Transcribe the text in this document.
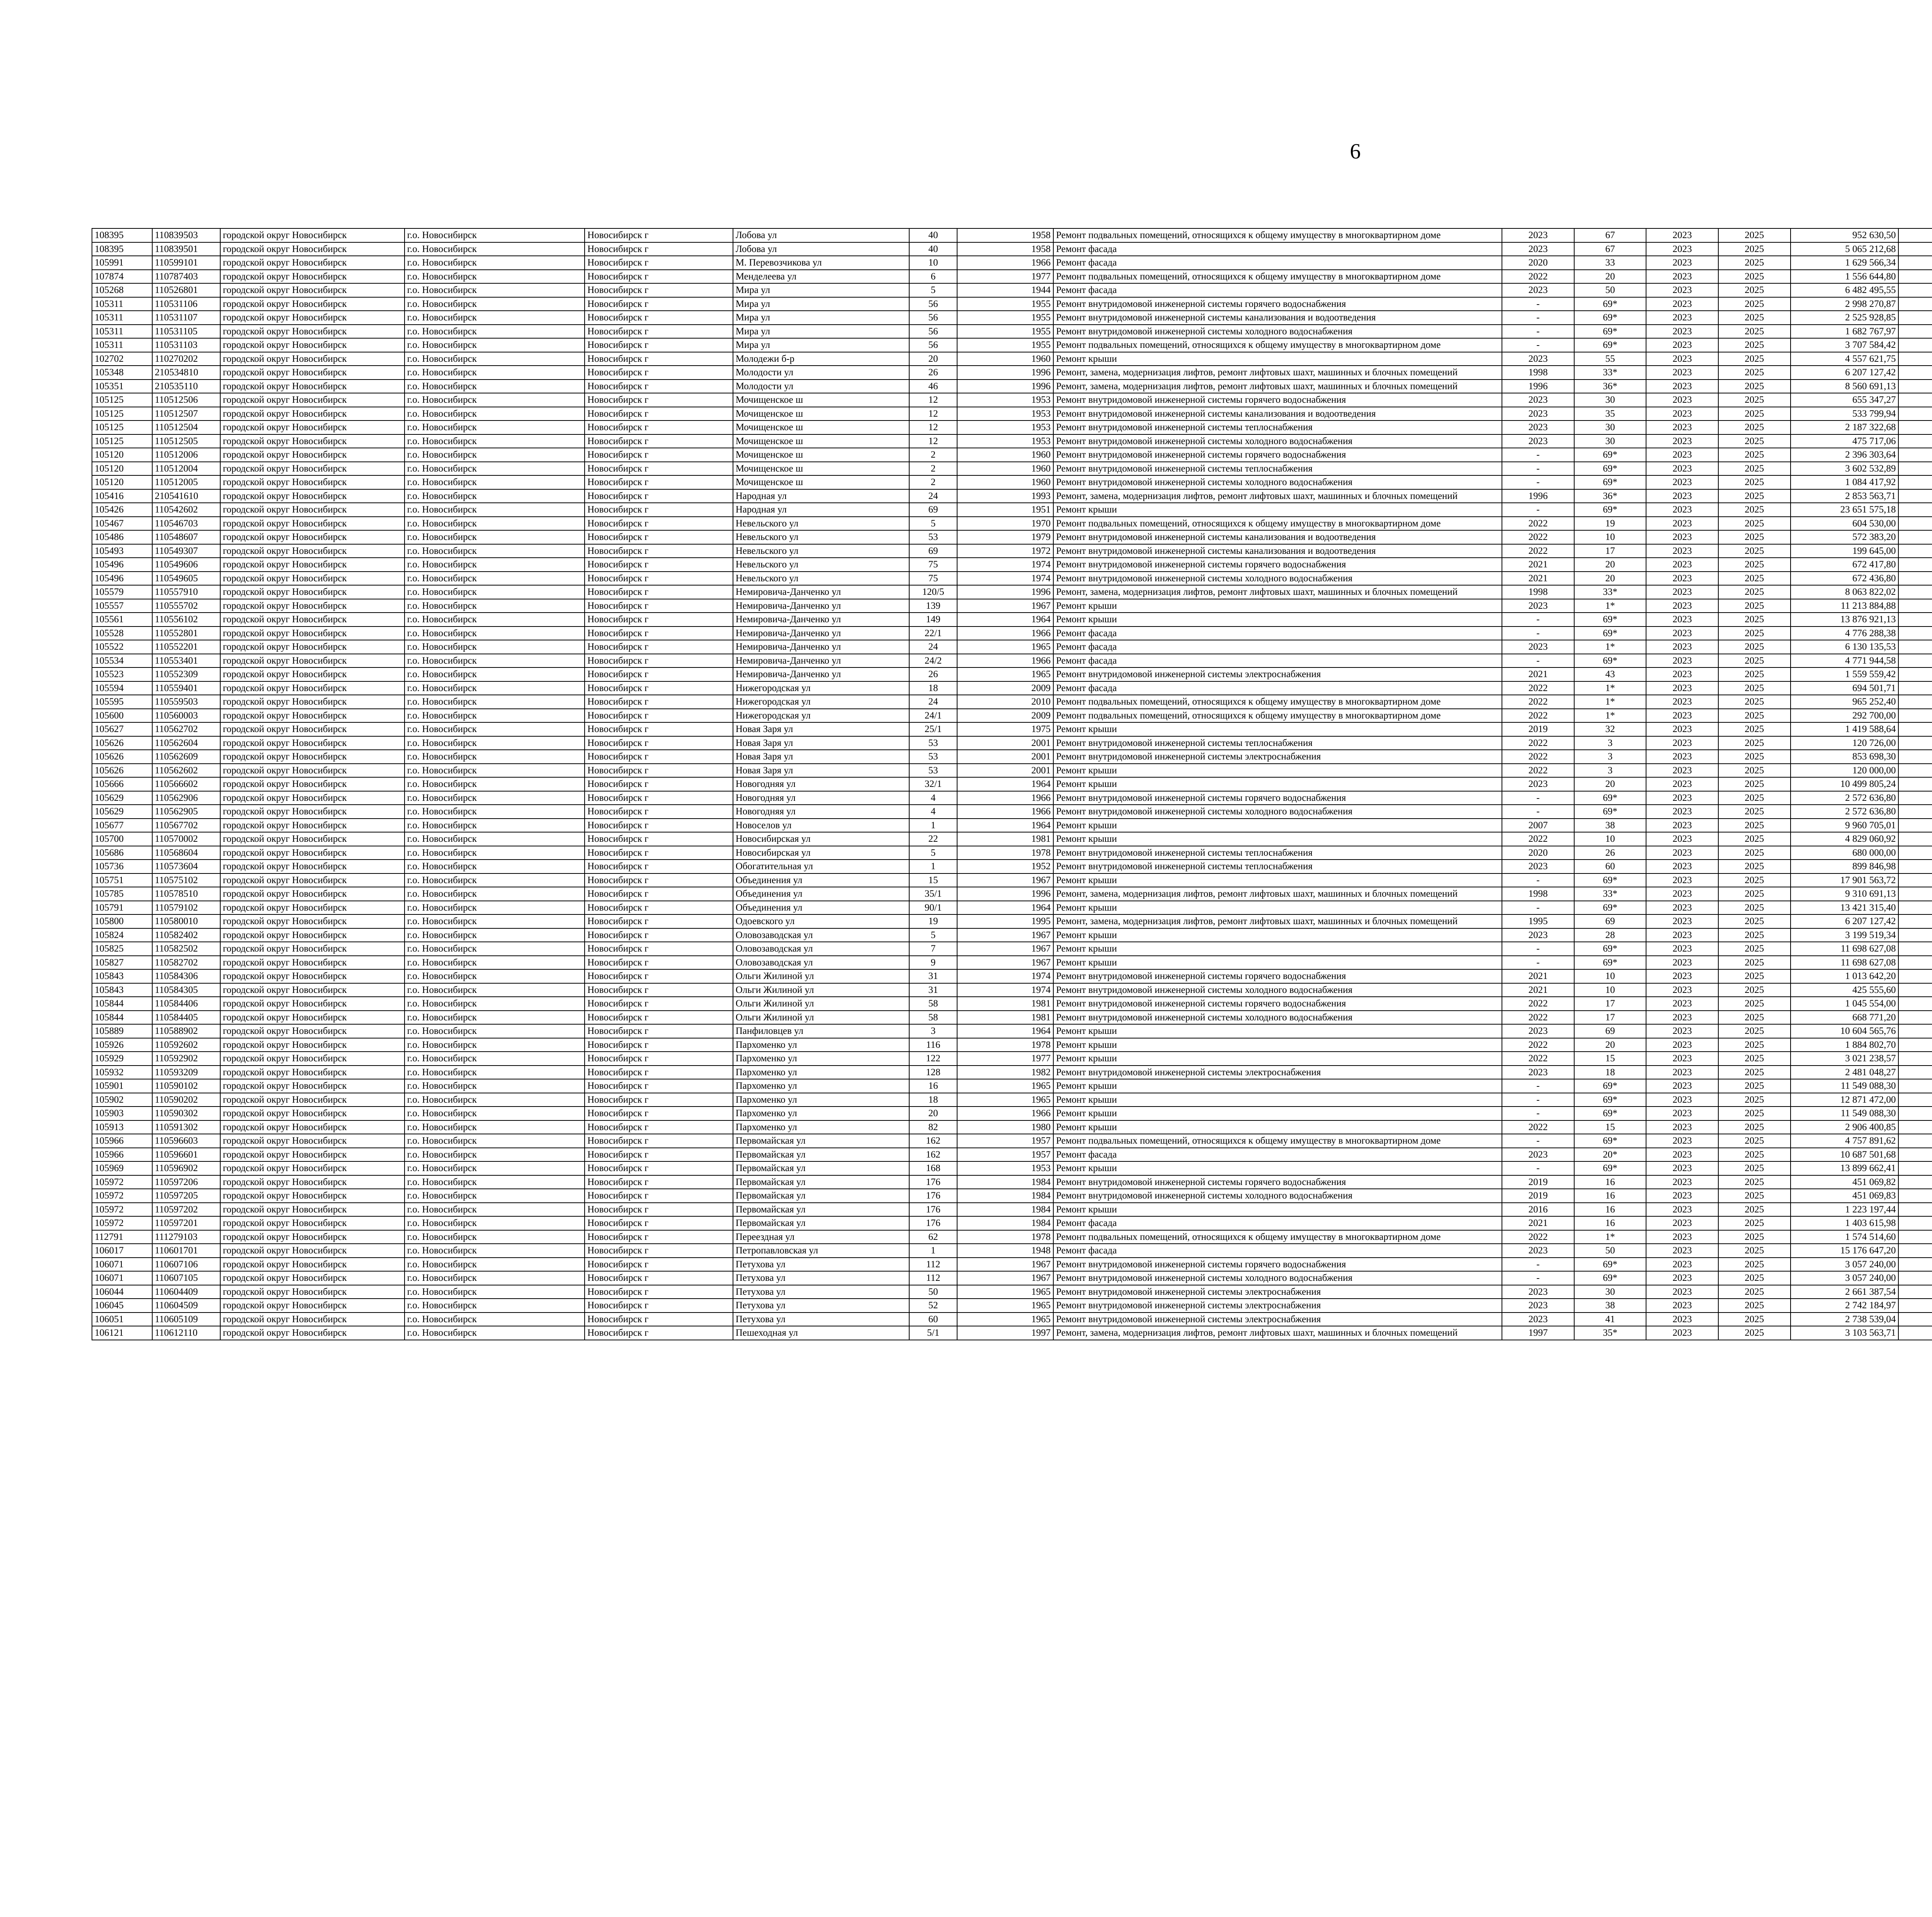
6
108395	110839503	городской округ Новосибирск	г.о. Новосибирск	Новосибирск г	Лобова ул	40	1958	Ремонт подвальных помещений, относящихся к общему имуществу в многоквартирном доме	2023	67	2023	2025	952 630,50						
108395	110839501	городской округ Новосибирск	г.о. Новосибирск	Новосибирск г	Лобова ул	40	1958	Ремонт фасада	2023	67	2023	2025	5 065 212,68						
105991	110599101	городской округ Новосибирск	г.о. Новосибирск	Новосибирск г	М. Перевозчикова ул	10	1966	Ремонт фасада	2020	33	2023	2025	1 629 566,34						
107874	110787403	городской округ Новосибирск	г.о. Новосибирск	Новосибирск г	Менделеева ул	6	1977	Ремонт подвальных помещений, относящихся к общему имуществу в многоквартирном доме	2022	20	2023	2025	1 556 644,80						
105268	110526801	городской округ Новосибирск	г.о. Новосибирск	Новосибирск г	Мира ул	5	1944	Ремонт фасада	2023	50	2023	2025	6 482 495,55						
105311	110531106	городской округ Новосибирск	г.о. Новосибирск	Новосибирск г	Мира ул	56	1955	Ремонт внутридомовой инженерной системы горячего водоснабжения	-	69*	2023	2025	2 998 270,87						
105311	110531107	городской округ Новосибирск	г.о. Новосибирск	Новосибирск г	Мира ул	56	1955	Ремонт внутридомовой инженерной системы канализования и водоотведения	-	69*	2023	2025	2 525 928,85						
105311	110531105	городской округ Новосибирск	г.о. Новосибирск	Новосибирск г	Мира ул	56	1955	Ремонт внутридомовой инженерной системы холодного водоснабжения	-	69*	2023	2025	1 682 767,97						
105311	110531103	городской округ Новосибирск	г.о. Новосибирск	Новосибирск г	Мира ул	56	1955	Ремонт подвальных помещений, относящихся к общему имуществу в многоквартирном доме	-	69*	2023	2025	3 707 584,42						
102702	110270202	городской округ Новосибирск	г.о. Новосибирск	Новосибирск г	Молодежи б-р	20	1960	Ремонт крыши	2023	55	2023	2025	4 557 621,75						
105348	210534810	городской округ Новосибирск	г.о. Новосибирск	Новосибирск г	Молодости ул	26	1996	Ремонт, замена, модернизация лифтов, ремонт лифтовых шахт, машинных и блочных помещений	1998	33*	2023	2025	6 207 127,42						
105351	210535110	городской округ Новосибирск	г.о. Новосибирск	Новосибирск г	Молодости ул	46	1996	Ремонт, замена, модернизация лифтов, ремонт лифтовых шахт, машинных и блочных помещений	1996	36*	2023	2025	8 560 691,13						
105125	110512506	городской округ Новосибирск	г.о. Новосибирск	Новосибирск г	Мочищенское ш	12	1953	Ремонт внутридомовой инженерной системы горячего водоснабжения	2023	30	2023	2025	655 347,27						
105125	110512507	городской округ Новосибирск	г.о. Новосибирск	Новосибирск г	Мочищенское ш	12	1953	Ремонт внутридомовой инженерной системы канализования и водоотведения	2023	35	2023	2025	533 799,94						
105125	110512504	городской округ Новосибирск	г.о. Новосибирск	Новосибирск г	Мочищенское ш	12	1953	Ремонт внутридомовой инженерной системы теплоснабжения	2023	30	2023	2025	2 187 322,68						
105125	110512505	городской округ Новосибирск	г.о. Новосибирск	Новосибирск г	Мочищенское ш	12	1953	Ремонт внутридомовой инженерной системы холодного водоснабжения	2023	30	2023	2025	475 717,06						
105120	110512006	городской округ Новосибирск	г.о. Новосибирск	Новосибирск г	Мочищенское ш	2	1960	Ремонт внутридомовой инженерной системы горячего водоснабжения	-	69*	2023	2025	2 396 303,64						
105120	110512004	городской округ Новосибирск	г.о. Новосибирск	Новосибирск г	Мочищенское ш	2	1960	Ремонт внутридомовой инженерной системы теплоснабжения	-	69*	2023	2025	3 602 532,89						
105120	110512005	городской округ Новосибирск	г.о. Новосибирск	Новосибирск г	Мочищенское ш	2	1960	Ремонт внутридомовой инженерной системы холодного водоснабжения	-	69*	2023	2025	1 084 417,92						
105416	210541610	городской округ Новосибирск	г.о. Новосибирск	Новосибирск г	Народная ул	24	1993	Ремонт, замена, модернизация лифтов, ремонт лифтовых шахт, машинных и блочных помещений	1996	36*	2023	2025	2 853 563,71						
105426	110542602	городской округ Новосибирск	г.о. Новосибирск	Новосибирск г	Народная ул	69	1951	Ремонт крыши	-	69*	2023	2025	23 651 575,18						
105467	110546703	городской округ Новосибирск	г.о. Новосибирск	Новосибирск г	Невельского ул	5	1970	Ремонт подвальных помещений, относящихся к общему имуществу в многоквартирном доме	2022	19	2023	2025	604 530,00						
105486	110548607	городской округ Новосибирск	г.о. Новосибирск	Новосибирск г	Невельского ул	53	1979	Ремонт внутридомовой инженерной системы канализования и водоотведения	2022	10	2023	2025	572 383,20						
105493	110549307	городской округ Новосибирск	г.о. Новосибирск	Новосибирск г	Невельского ул	69	1972	Ремонт внутридомовой инженерной системы канализования и водоотведения	2022	17	2023	2025	199 645,00						
105496	110549606	городской округ Новосибирск	г.о. Новосибирск	Новосибирск г	Невельского ул	75	1974	Ремонт внутридомовой инженерной системы горячего водоснабжения	2021	20	2023	2025	672 417,80						
105496	110549605	городской округ Новосибирск	г.о. Новосибирск	Новосибирск г	Невельского ул	75	1974	Ремонт внутридомовой инженерной системы холодного водоснабжения	2021	20	2023	2025	672 436,80						
105579	110557910	городской округ Новосибирск	г.о. Новосибирск	Новосибирск г	Немировича-Данченко ул	120/5	1996	Ремонт, замена, модернизация лифтов, ремонт лифтовых шахт, машинных и блочных помещений	1998	33*	2023	2025	8 063 822,02						
105557	110555702	городской округ Новосибирск	г.о. Новосибирск	Новосибирск г	Немировича-Данченко ул	139	1967	Ремонт крыши	2023	1*	2023	2025	11 213 884,88						
105561	110556102	городской округ Новосибирск	г.о. Новосибирск	Новосибирск г	Немировича-Данченко ул	149	1964	Ремонт крыши	-	69*	2023	2025	13 876 921,13						
105528	110552801	городской округ Новосибирск	г.о. Новосибирск	Новосибирск г	Немировича-Данченко ул	22/1	1966	Ремонт фасада	-	69*	2023	2025	4 776 288,38						
105522	110552201	городской округ Новосибирск	г.о. Новосибирск	Новосибирск г	Немировича-Данченко ул	24	1965	Ремонт фасада	2023	1*	2023	2025	6 130 135,53						
105534	110553401	городской округ Новосибирск	г.о. Новосибирск	Новосибирск г	Немировича-Данченко ул	24/2	1966	Ремонт фасада	-	69*	2023	2025	4 771 944,58						
105523	110552309	городской округ Новосибирск	г.о. Новосибирск	Новосибирск г	Немировича-Данченко ул	26	1965	Ремонт внутридомовой инженерной системы электроснабжения	2021	43	2023	2025	1 559 559,42						
105594	110559401	городской округ Новосибирск	г.о. Новосибирск	Новосибирск г	Нижегородская ул	18	2009	Ремонт фасада	2022	1*	2023	2025	694 501,71						
105595	110559503	городской округ Новосибирск	г.о. Новосибирск	Новосибирск г	Нижегородская ул	24	2010	Ремонт подвальных помещений, относящихся к общему имуществу в многоквартирном доме	2022	1*	2023	2025	965 252,40						
105600	110560003	городской округ Новосибирск	г.о. Новосибирск	Новосибирск г	Нижегородская ул	24/1	2009	Ремонт подвальных помещений, относящихся к общему имуществу в многоквартирном доме	2022	1*	2023	2025	292 700,00						
105627	110562702	городской округ Новосибирск	г.о. Новосибирск	Новосибирск г	Новая Заря ул	25/1	1975	Ремонт крыши	2019	32	2023	2025	1 419 588,64						
105626	110562604	городской округ Новосибирск	г.о. Новосибирск	Новосибирск г	Новая Заря ул	53	2001	Ремонт внутридомовой инженерной системы теплоснабжения	2022	3	2023	2025	120 726,00						
105626	110562609	городской округ Новосибирск	г.о. Новосибирск	Новосибирск г	Новая Заря ул	53	2001	Ремонт внутридомовой инженерной системы электроснабжения	2022	3	2023	2025	853 698,30						
105626	110562602	городской округ Новосибирск	г.о. Новосибирск	Новосибирск г	Новая Заря ул	53	2001	Ремонт крыши	2022	3	2023	2025	120 000,00						
105666	110566602	городской округ Новосибирск	г.о. Новосибирск	Новосибирск г	Новогодняя ул	32/1	1964	Ремонт крыши	2023	20	2023	2025	10 499 805,24						
105629	110562906	городской округ Новосибирск	г.о. Новосибирск	Новосибирск г	Новогодняя ул	4	1966	Ремонт внутридомовой инженерной системы горячего водоснабжения	-	69*	2023	2025	2 572 636,80						
105629	110562905	городской округ Новосибирск	г.о. Новосибирск	Новосибирск г	Новогодняя ул	4	1966	Ремонт внутридомовой инженерной системы холодного водоснабжения	-	69*	2023	2025	2 572 636,80						
105677	110567702	городской округ Новосибирск	г.о. Новосибирск	Новосибирск г	Новоселов ул	1	1964	Ремонт крыши	2007	38	2023	2025	9 960 705,01						
105700	110570002	городской округ Новосибирск	г.о. Новосибирск	Новосибирск г	Новосибирская ул	22	1981	Ремонт крыши	2022	10	2023	2025	4 829 060,92						
105686	110568604	городской округ Новосибирск	г.о. Новосибирск	Новосибирск г	Новосибирская ул	5	1978	Ремонт внутридомовой инженерной системы теплоснабжения	2020	26	2023	2025	680 000,00						
105736	110573604	городской округ Новосибирск	г.о. Новосибирск	Новосибирск г	Обогатительная ул	1	1952	Ремонт внутридомовой инженерной системы теплоснабжения	2023	60	2023	2025	899 846,98						
105751	110575102	городской округ Новосибирск	г.о. Новосибирск	Новосибирск г	Объединения ул	15	1967	Ремонт крыши	-	69*	2023	2025	17 901 563,72						
105785	110578510	городской округ Новосибирск	г.о. Новосибирск	Новосибирск г	Объединения ул	35/1	1996	Ремонт, замена, модернизация лифтов, ремонт лифтовых шахт, машинных и блочных помещений	1998	33*	2023	2025	9 310 691,13						
105791	110579102	городской округ Новосибирск	г.о. Новосибирск	Новосибирск г	Объединения ул	90/1	1964	Ремонт крыши	-	69*	2023	2025	13 421 315,40						
105800	110580010	городской округ Новосибирск	г.о. Новосибирск	Новосибирск г	Одоевского ул	19	1995	Ремонт, замена, модернизация лифтов, ремонт лифтовых шахт, машинных и блочных помещений	1995	69	2023	2025	6 207 127,42						
105824	110582402	городской округ Новосибирск	г.о. Новосибирск	Новосибирск г	Оловозаводская ул	5	1967	Ремонт крыши	2023	28	2023	2025	3 199 519,34						
105825	110582502	городской округ Новосибирск	г.о. Новосибирск	Новосибирск г	Оловозаводская ул	7	1967	Ремонт крыши	-	69*	2023	2025	11 698 627,08						
105827	110582702	городской округ Новосибирск	г.о. Новосибирск	Новосибирск г	Оловозаводская ул	9	1967	Ремонт крыши	-	69*	2023	2025	11 698 627,08						
105843	110584306	городской округ Новосибирск	г.о. Новосибирск	Новосибирск г	Ольги Жилиной ул	31	1974	Ремонт внутридомовой инженерной системы горячего водоснабжения	2021	10	2023	2025	1 013 642,20						
105843	110584305	городской округ Новосибирск	г.о. Новосибирск	Новосибирск г	Ольги Жилиной ул	31	1974	Ремонт внутридомовой инженерной системы холодного водоснабжения	2021	10	2023	2025	425 555,60						
105844	110584406	городской округ Новосибирск	г.о. Новосибирск	Новосибирск г	Ольги Жилиной ул	58	1981	Ремонт внутридомовой инженерной системы горячего водоснабжения	2022	17	2023	2025	1 045 554,00						
105844	110584405	городской округ Новосибирск	г.о. Новосибирск	Новосибирск г	Ольги Жилиной ул	58	1981	Ремонт внутридомовой инженерной системы холодного водоснабжения	2022	17	2023	2025	668 771,20						
105889	110588902	городской округ Новосибирск	г.о. Новосибирск	Новосибирск г	Панфиловцев ул	3	1964	Ремонт крыши	2023	69	2023	2025	10 604 565,76						
105926	110592602	городской округ Новосибирск	г.о. Новосибирск	Новосибирск г	Пархоменко ул	116	1978	Ремонт крыши	2022	20	2023	2025	1 884 802,70						
105929	110592902	городской округ Новосибирск	г.о. Новосибирск	Новосибирск г	Пархоменко ул	122	1977	Ремонт крыши	2022	15	2023	2025	3 021 238,57						
105932	110593209	городской округ Новосибирск	г.о. Новосибирск	Новосибирск г	Пархоменко ул	128	1982	Ремонт внутридомовой инженерной системы электроснабжения	2023	18	2023	2025	2 481 048,27						
105901	110590102	городской округ Новосибирск	г.о. Новосибирск	Новосибирск г	Пархоменко ул	16	1965	Ремонт крыши	-	69*	2023	2025	11 549 088,30						
105902	110590202	городской округ Новосибирск	г.о. Новосибирск	Новосибирск г	Пархоменко ул	18	1965	Ремонт крыши	-	69*	2023	2025	12 871 472,00						
105903	110590302	городской округ Новосибирск	г.о. Новосибирск	Новосибирск г	Пархоменко ул	20	1966	Ремонт крыши	-	69*	2023	2025	11 549 088,30						
105913	110591302	городской округ Новосибирск	г.о. Новосибирск	Новосибирск г	Пархоменко ул	82	1980	Ремонт крыши	2022	15	2023	2025	2 906 400,85						
105966	110596603	городской округ Новосибирск	г.о. Новосибирск	Новосибирск г	Первомайская ул	162	1957	Ремонт подвальных помещений, относящихся к общему имуществу в многоквартирном доме	-	69*	2023	2025	4 757 891,62						
105966	110596601	городской округ Новосибирск	г.о. Новосибирск	Новосибирск г	Первомайская ул	162	1957	Ремонт фасада	2023	20*	2023	2025	10 687 501,68						
105969	110596902	городской округ Новосибирск	г.о. Новосибирск	Новосибирск г	Первомайская ул	168	1953	Ремонт крыши	-	69*	2023	2025	13 899 662,41						
105972	110597206	городской округ Новосибирск	г.о. Новосибирск	Новосибирск г	Первомайская ул	176	1984	Ремонт внутридомовой инженерной системы горячего водоснабжения	2019	16	2023	2025	451 069,82						
105972	110597205	городской округ Новосибирск	г.о. Новосибирск	Новосибирск г	Первомайская ул	176	1984	Ремонт внутридомовой инженерной системы холодного водоснабжения	2019	16	2023	2025	451 069,83						
105972	110597202	городской округ Новосибирск	г.о. Новосибирск	Новосибирск г	Первомайская ул	176	1984	Ремонт крыши	2016	16	2023	2025	1 223 197,44						
105972	110597201	городской округ Новосибирск	г.о. Новосибирск	Новосибирск г	Первомайская ул	176	1984	Ремонт фасада	2021	16	2023	2025	1 403 615,98						
112791	111279103	городской округ Новосибирск	г.о. Новосибирск	Новосибирск г	Переездная ул	62	1978	Ремонт подвальных помещений, относящихся к общему имуществу в многоквартирном доме	2022	1*	2023	2025	1 574 514,60						
106017	110601701	городской округ Новосибирск	г.о. Новосибирск	Новосибирск г	Петропавловская ул	1	1948	Ремонт фасада	2023	50	2023	2025	15 176 647,20						
106071	110607106	городской округ Новосибирск	г.о. Новосибирск	Новосибирск г	Петухова ул	112	1967	Ремонт внутридомовой инженерной системы горячего водоснабжения	-	69*	2023	2025	3 057 240,00						
106071	110607105	городской округ Новосибирск	г.о. Новосибирск	Новосибирск г	Петухова ул	112	1967	Ремонт внутридомовой инженерной системы холодного водоснабжения	-	69*	2023	2025	3 057 240,00						
106044	110604409	городской округ Новосибирск	г.о. Новосибирск	Новосибирск г	Петухова ул	50	1965	Ремонт внутридомовой инженерной системы электроснабжения	2023	30	2023	2025	2 661 387,54						
106045	110604509	городской округ Новосибирск	г.о. Новосибирск	Новосибирск г	Петухова ул	52	1965	Ремонт внутридомовой инженерной системы электроснабжения	2023	38	2023	2025	2 742 184,97						
106051	110605109	городской округ Новосибирск	г.о. Новосибирск	Новосибирск г	Петухова ул	60	1965	Ремонт внутридомовой инженерной системы электроснабжения	2023	41	2023	2025	2 738 539,04						
106121	110612110	городской округ Новосибирск	г.о. Новосибирск	Новосибирск г	Пешеходная ул	5/1	1997	Ремонт, замена, модернизация лифтов, ремонт лифтовых шахт, машинных и блочных помещений	1997	35*	2023	2025	3 103 563,71						
